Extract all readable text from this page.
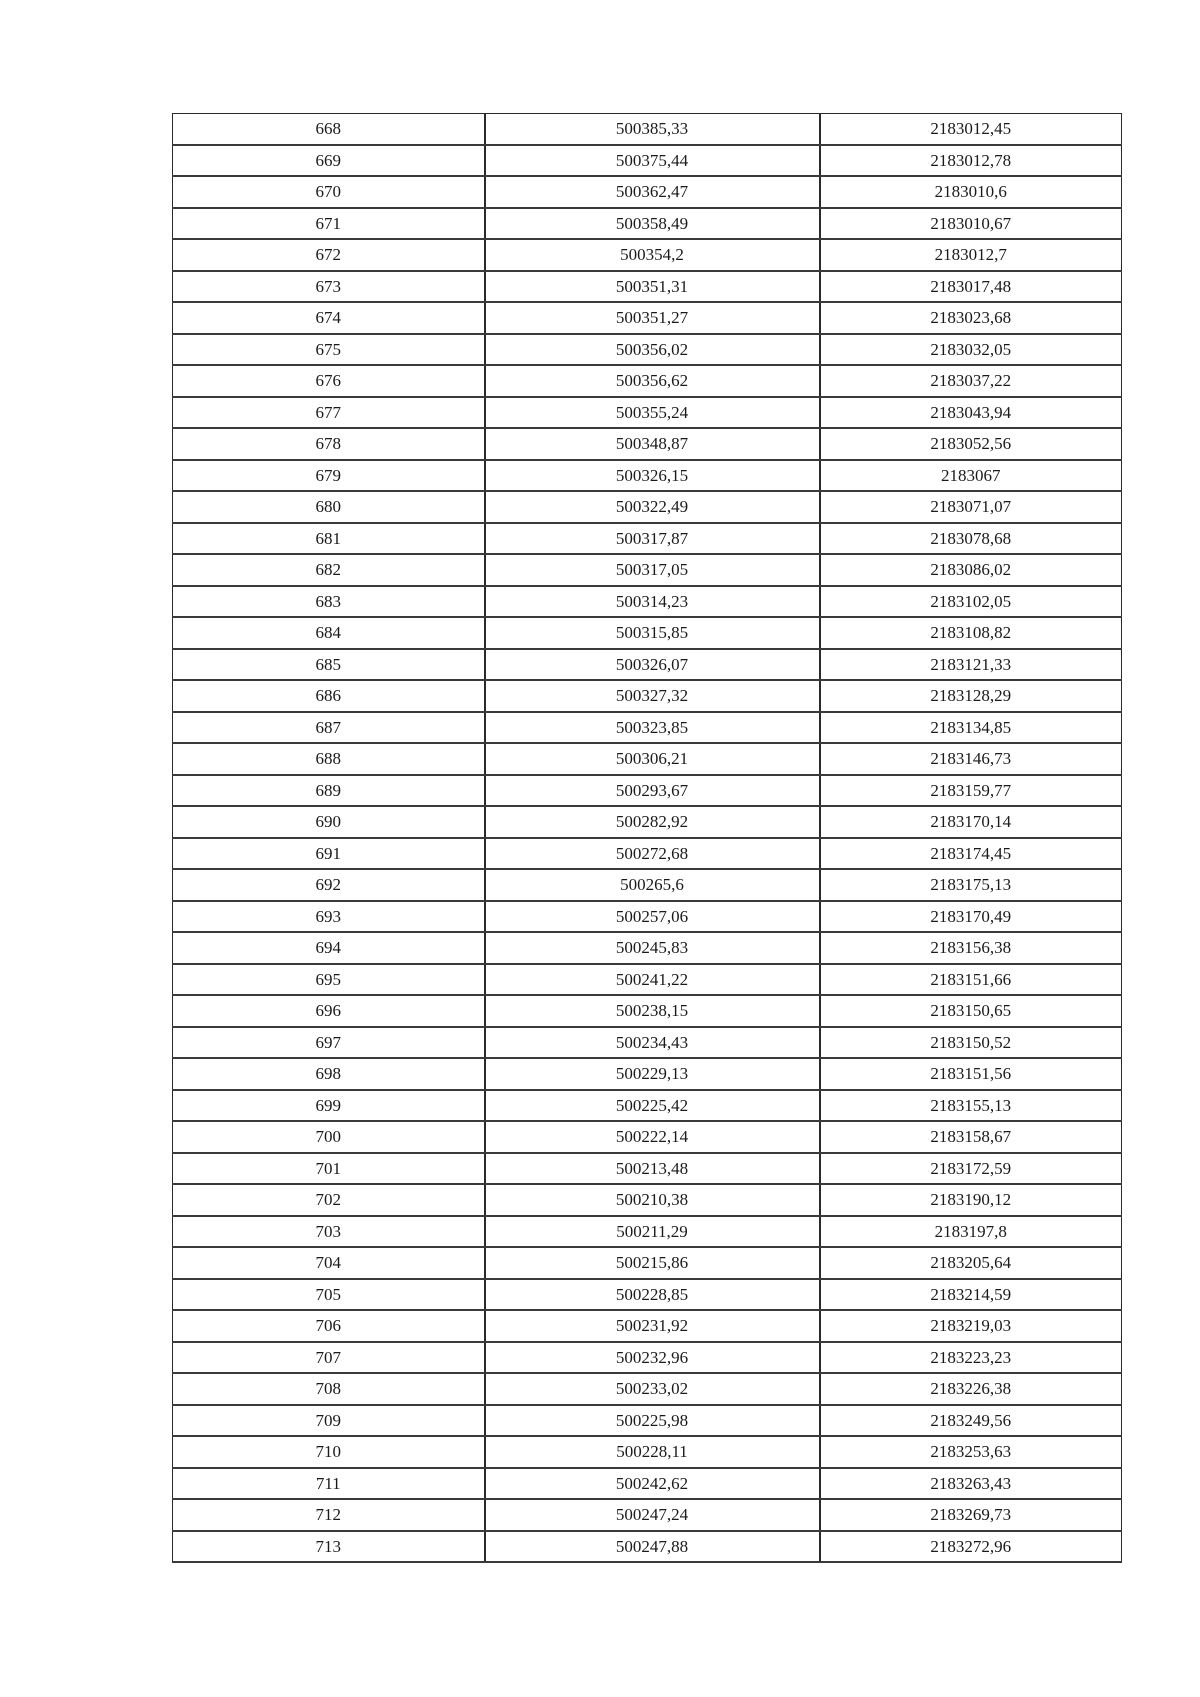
668	500385,33	2183012,45
669	500375,44	2183012,78
670	500362,47	2183010,6
671	500358,49	2183010,67
672	500354,2	2183012,7
673	500351,31	2183017,48
674	500351,27	2183023,68
675	500356,02	2183032,05
676	500356,62	2183037,22
677	500355,24	2183043,94
678	500348,87	2183052,56
679	500326,15	2183067
680	500322,49	2183071,07
681	500317,87	2183078,68
682	500317,05	2183086,02
683	500314,23	2183102,05
684	500315,85	2183108,82
685	500326,07	2183121,33
686	500327,32	2183128,29
687	500323,85	2183134,85
688	500306,21	2183146,73
689	500293,67	2183159,77
690	500282,92	2183170,14
691	500272,68	2183174,45
692	500265,6	2183175,13
693	500257,06	2183170,49
694	500245,83	2183156,38
695	500241,22	2183151,66
696	500238,15	2183150,65
697	500234,43	2183150,52
698	500229,13	2183151,56
699	500225,42	2183155,13
700	500222,14	2183158,67
701	500213,48	2183172,59
702	500210,38	2183190,12
703	500211,29	2183197,8
704	500215,86	2183205,64
705	500228,85	2183214,59
706	500231,92	2183219,03
707	500232,96	2183223,23
708	500233,02	2183226,38
709	500225,98	2183249,56
710	500228,11	2183253,63
711	500242,62	2183263,43
712	500247,24	2183269,73
713	500247,88	2183272,96
